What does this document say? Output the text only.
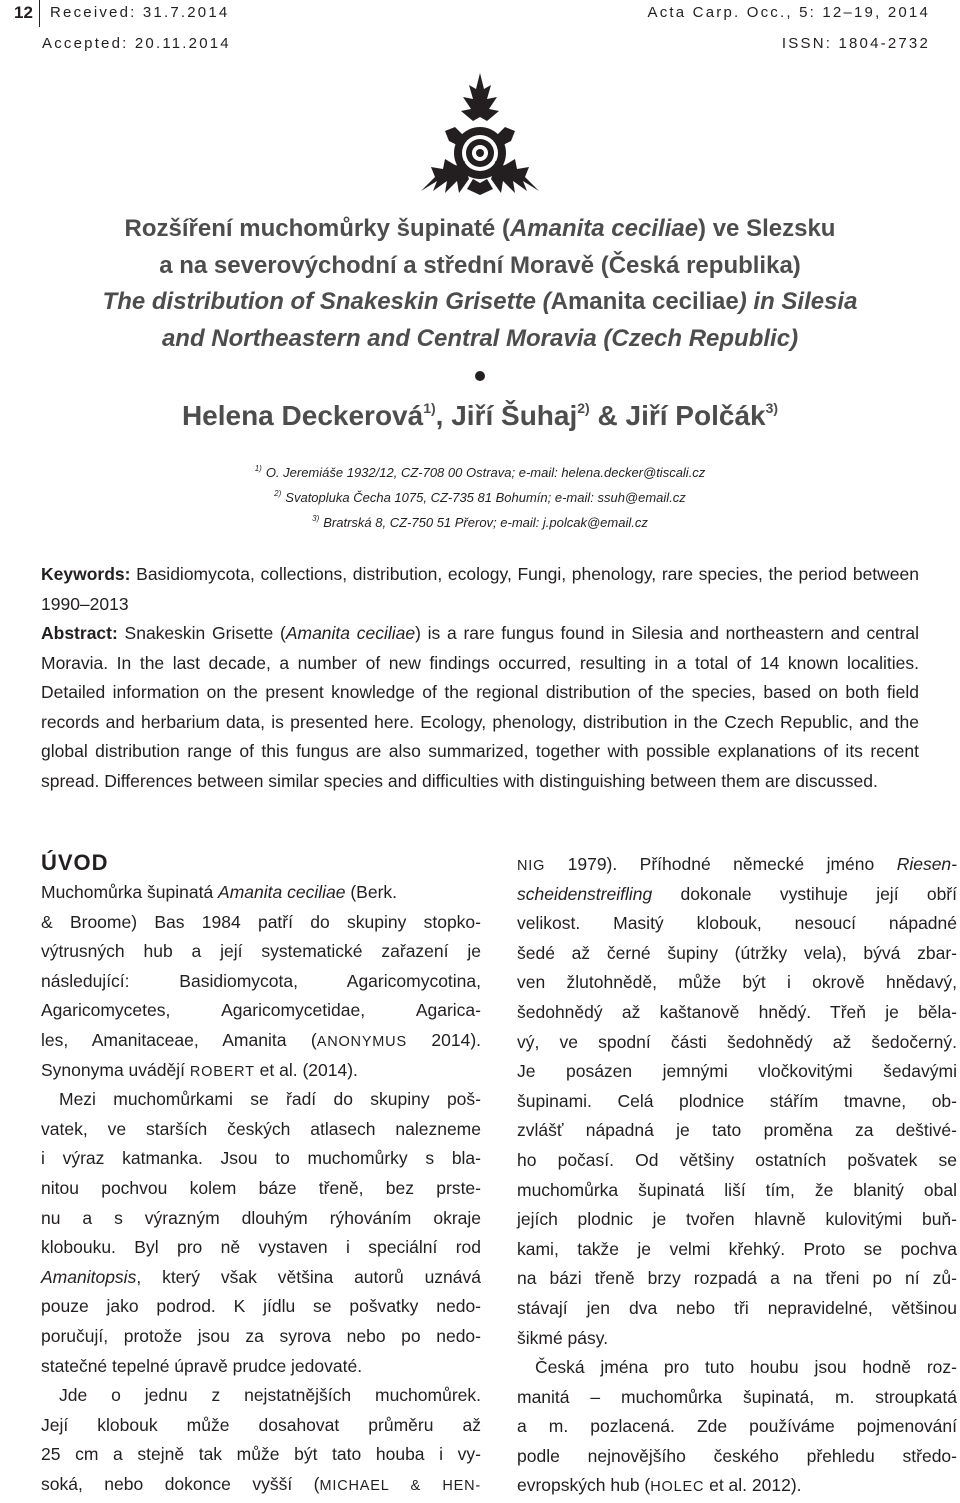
12 Received: 31.7.2014
Accepted: 20.11.2014
Acta Carp. Occ., 5: 12–19, 2014
ISSN: 1804-2732
Rozšíření muchomůrky šupinaté (Amanita ceciliae) ve Slezsku
a na severovýchodní a střední Moravě (Česká republika)
The distribution of Snakeskin Grisette (Amanita ceciliae) in Silesia
and Northeastern and Central Moravia (Czech Republic)
Helena Deckerová$^{1)}$, Jiří Šuhaj$^{2)}$ & Jiří Polčák$^{3)}$
$^{1)}$ O. Jeremiáše 1932/12, CZ-708 00 Ostrava; e-mail: helena.decker@tiscali.cz
$^{2)}$ Svatopluka Čecha 1075, CZ-735 81 Bohumín; e-mail: ssuh@email.cz
$^{3)}$ Bratrská 8, CZ-750 51 Přerov; e-mail: j.polcak@email.cz
Keywords: Basidiomycota, collections, distribution, ecology, Fungi, phenology, rare species, the period between 1990–2013
Abstract: Snakeskin Grisette (Amanita ceciliae) is a rare fungus found in Silesia and northeastern and central Moravia. In the last decade, a number of new findings occurred, resulting in a total of 14 known localities. Detailed information on the present knowledge of the regional distribution of the species, based on both field records and herbarium data, is presented here. Ecology, phenology, distribution in the Czech Republic, and the global distribution range of this fungus are also summarized, together with possible explanations of its recent spread. Differences between similar species and difficulties with distinguishing between them are discussed.
ÚVOD
Muchomůrka šupinatá Amanita ceciliae (Berk.
& Broome) Bas 1984 patří do skupiny stopko-
výtrusných hub a její systematické zařazení je
následující: Basidiomycota, Agaricomycotina,
Agaricomycetes, Agaricomycetidae, Agarica-
les, Amanitaceae, Amanita (ANONYMUS 2014).
Synonyma uvádějí ROBERT et al. (2014).
Mezi muchomůrkami se řadí do skupiny poš-
vatek, ve starších českých atlasech nalezneme
i výraz katmanka. Jsou to muchomůrky s bla-
nitou pochvou kolem báze třeně, bez prste-
nu a s výrazným dlouhým rýhováním okraje
klobouku. Byl pro ně vystaven i speciální rod
Amanitopsis, který však většina autorů uznává
pouze jako podrod. K jídlu se pošvatky nedo-
poručují, protože jsou za syrova nebo po nedo-
statečné tepelné úpravě prudce jedovaté.
Jde o jednu z nejstatnějších muchomůrek.
Její klobouk může dosahovat průměru až
25 cm a stejně tak může být tato houba i vy-
soká, nebo dokonce vyšší (MICHAEL & HEN-
NIG 1979). Příhodné německé jméno Riesen-
scheidenstreifling dokonale vystihuje její obří
velikost. Masitý klobouk, nesoucí nápadné
šedé až černé šupiny (útržky vela), bývá zbar-
ven žlutohnědě, může být i okrově hnědavý,
šedohnědý až kaštanově hnědý. Třeň je běla-
vý, ve spodní části šedohnědý až šedočerný.
Je posázen jemnými vločkovitými šedavými
šupinami. Celá plodnice stářím tmavne, ob-
zvlášť nápadná je tato proměna za deštivé-
ho počasí. Od většiny ostatních pošvatek se
muchomůrka šupinatá liší tím, že blanitý obal
jejích plodnic je tvořen hlavně kulovitými buň-
kami, takže je velmi křehký. Proto se pochva
na bázi třeně brzy rozpadá a na třeni po ní zů-
stávají jen dva nebo tři nepravidelné, většinou
šikmé pásy.
Česká jména pro tuto houbu jsou hodně roz-
manitá – muchomůrka šupinatá, m. stroupkatá
a m. pozlacená. Zde používáme pojmenování
podle nejnovějšího českého přehledu středo-
evropských hub (HOLEC et al. 2012).
